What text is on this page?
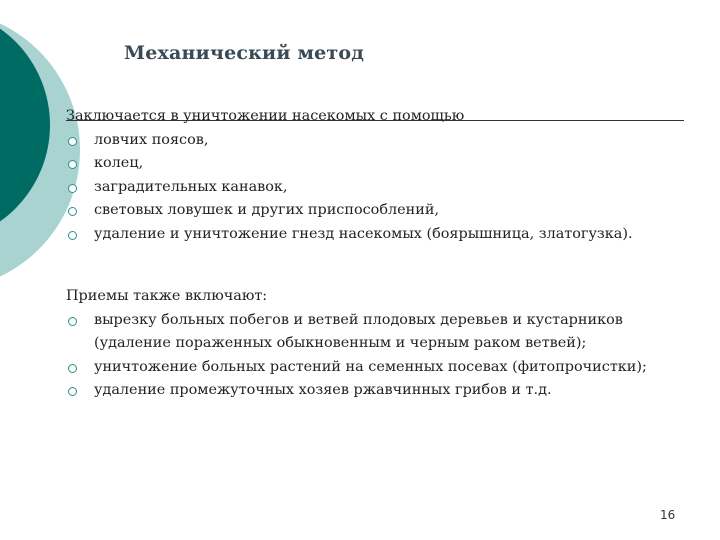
Механический метод
Заключается в уничтожении насекомых с помощью
ловчих поясов,
колец,
заградительных канавок,
световых ловушек и других приспособлений,
удаление и уничтожение гнезд насекомых (боярышница, златогузка).
Приемы также включают:
вырезку больных побегов и ветвей плодовых деревьев и кустарников (удаление пораженных обыкновенным и черным раком ветвей);
уничтожение больных растений на семенных посевах (фитопрочистки);
удаление промежуточных хозяев ржавчинных грибов и т.д.
16
